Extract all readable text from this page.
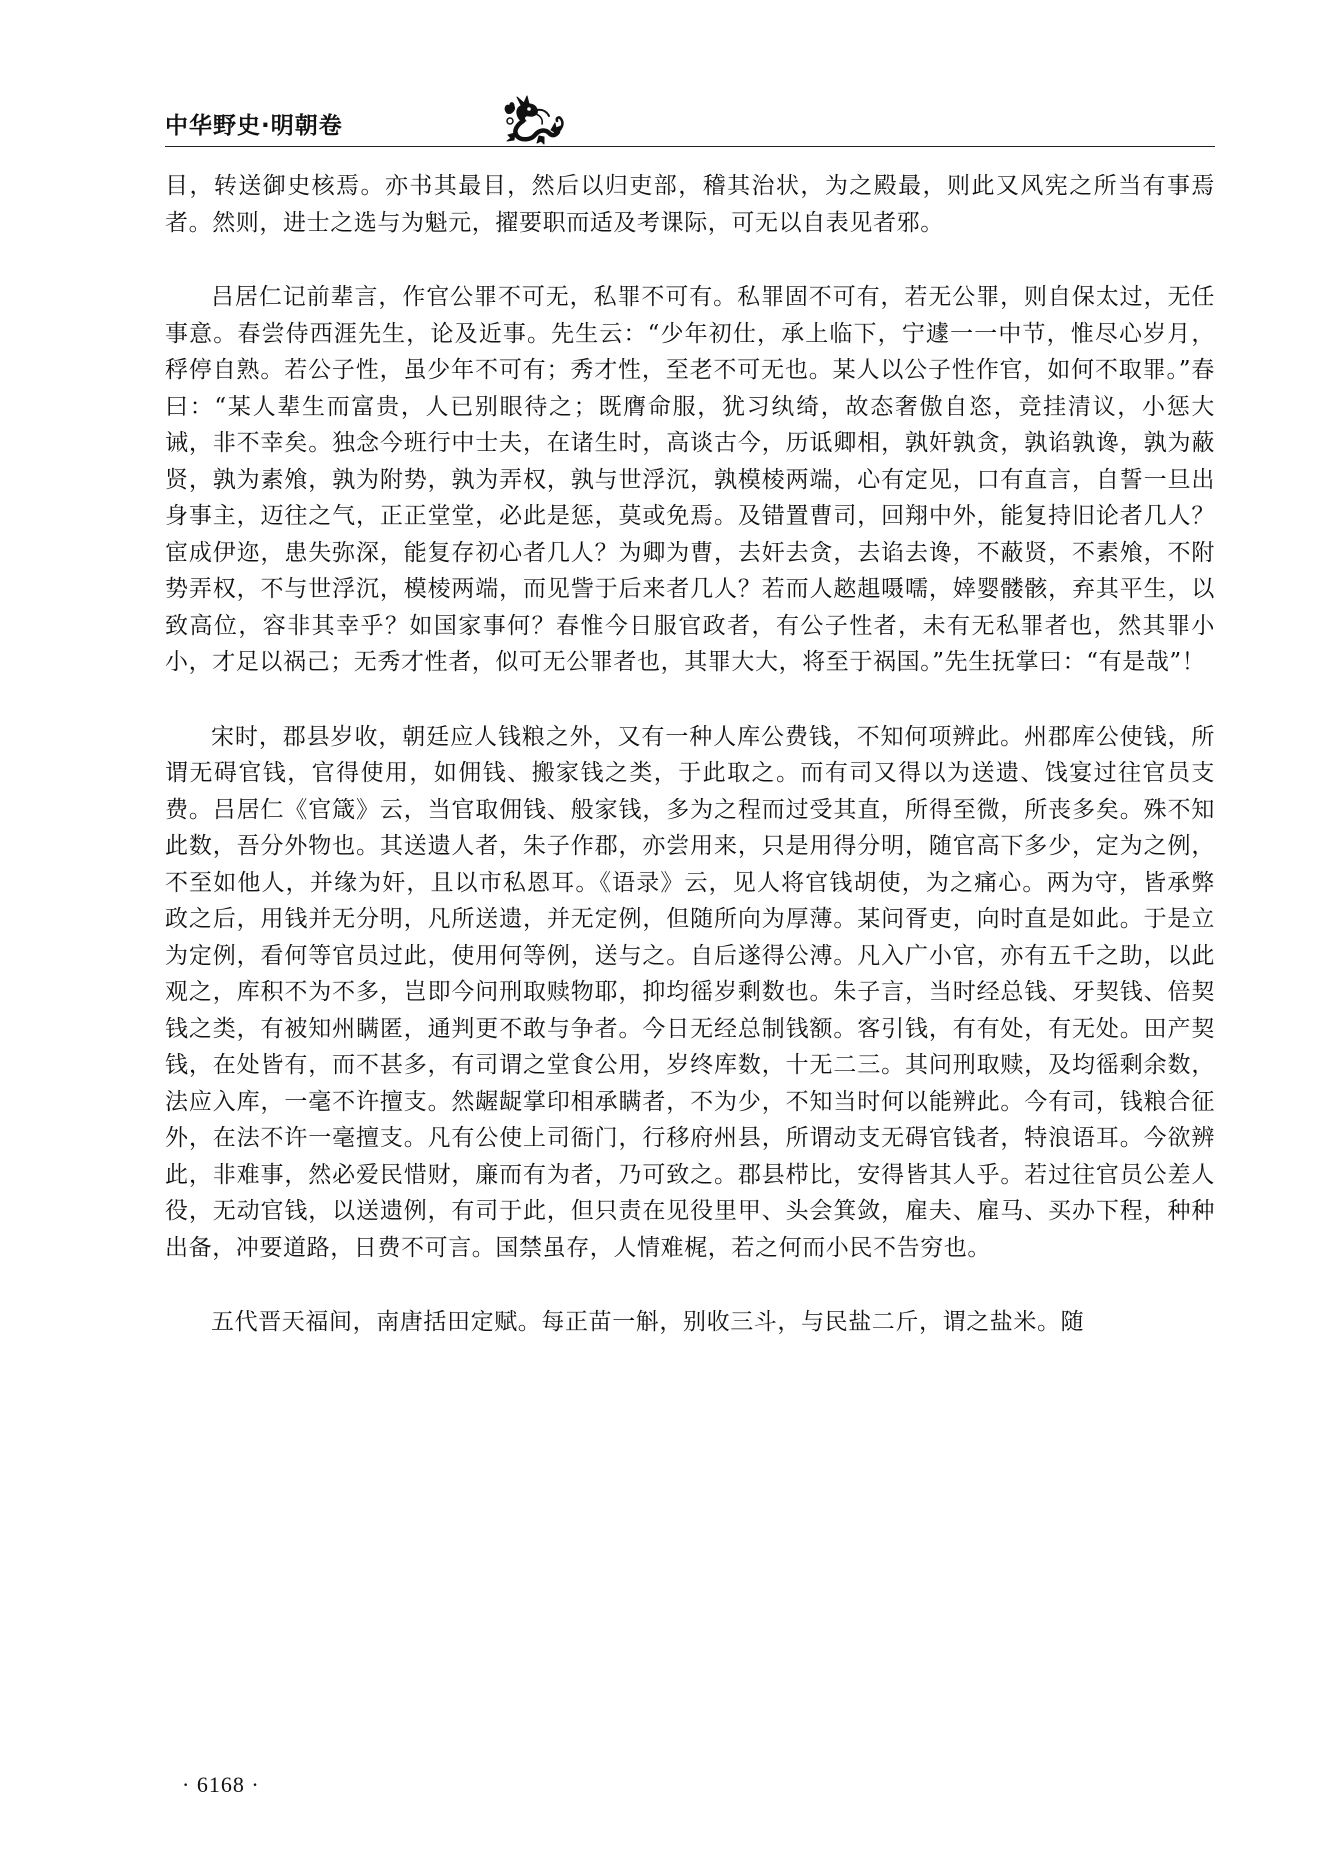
中华野史·明朝卷

目，转送御史核焉。亦书其最目，然后以归吏部，稽其治状，为之殿最，则此又风宪之所当有事焉者。然则，进士之选与为魁元，擢要职而适及考课际，可无以自表见者邪。

吕居仁记前辈言，作官公罪不可无，私罪不可有。私罪固不可有，若无公罪，则自保太过，无任事意。春尝侍西涯先生，论及近事。先生云：“少年初仕，承上临下，宁遽一一中节，惟尽心岁月，稃停自熟。若公子性，虽少年不可有；秀才性，至老不可无也。某人以公子性作官，如何不取罪。”春曰：“某人辈生而富贵，人已别眼待之；既膺命服，犹习纨绮，故态奢傲自恣，竞挂清议，小惩大诫，非不幸矣。独念今班行中士夫，在诸生时，高谈古今，历诋卿相，孰奸孰贪，孰谄孰谗，孰为蔽贤，孰为素飧，孰为附势，孰为弄权，孰与世浮沉，孰模棱两端，心有定见，口有直言，自誓一旦出身事主，迈往之气，正正堂堂，必此是惩，莫或免焉。及错置曹司，回翔中外，能复持旧论者几人？宦成伊迩，患失弥深，能复存初心者几人？为卿为曹，去奸去贪，去谄去谗，不蔽贤，不素飧，不附势弄权，不与世浮沉，模棱两端，而见訾于后来者几人？若而人趑趄嗫嚅，婞婴髅骸，弃其平生，以致高位，容非其幸乎？如国家事何？春惟今日服官政者，有公子性者，未有无私罪者也，然其罪小小，才足以祸己；无秀才性者，似可无公罪者也，其罪大大，将至于祸国。”先生抚掌曰：“有是哉”！

宋时，郡县岁收，朝廷应人钱粮之外，又有一种人库公费钱，不知何项辨此。州郡库公使钱，所谓无碍官钱，官得使用，如佣钱、搬家钱之类，于此取之。而有司又得以为送遗、饯宴过往官员支费。吕居仁《官箴》云，当官取佣钱、般家钱，多为之程而过受其直，所得至微，所丧多矣。殊不知此数，吾分外物也。其送遗人者，朱子作郡，亦尝用来，只是用得分明，随官高下多少，定为之例，不至如他人，并缘为奸，且以市私恩耳。《语录》云，见人将官钱胡使，为之痛心。两为守，皆承弊政之后，用钱并无分明，凡所送遗，并无定例，但随所向为厚薄。某问胥吏，向时直是如此。于是立为定例，看何等官员过此，使用何等例，送与之。自后遂得公溥。凡入广小官，亦有五千之助，以此观之，库积不为不多，岂即今问刑取赎物耶，抑均徭岁剩数也。朱子言，当时经总钱、牙契钱、倍契钱之类，有被知州瞒匿，通判更不敢与争者。今日无经总制钱额。客引钱，有有处，有无处。田产契钱，在处皆有，而不甚多，有司谓之堂食公用，岁终库数，十无二三。其问刑取赎，及均徭剩余数，法应入库，一毫不许擅支。然龌龊掌印相承瞒者，不为少，不知当时何以能辨此。今有司，钱粮合征外，在法不许一毫擅支。凡有公使上司衙门，行移府州县，所谓动支无碍官钱者，特浪语耳。今欲辨此，非难事，然必爱民惜财，廉而有为者，乃可致之。郡县栉比，安得皆其人乎。若过往官员公差人役，无动官钱，以送遗例，有司于此，但只责在见役里甲、头会箕敛，雇夫、雇马、买办下程，种种出备，冲要道路，日费不可言。国禁虽存，人情难梶，若之何而小民不告穷也。

五代晋天福间，南唐括田定赋。每正苗一斛，别收三斗，与民盐二斤，谓之盐米。随

· 6168 ·
